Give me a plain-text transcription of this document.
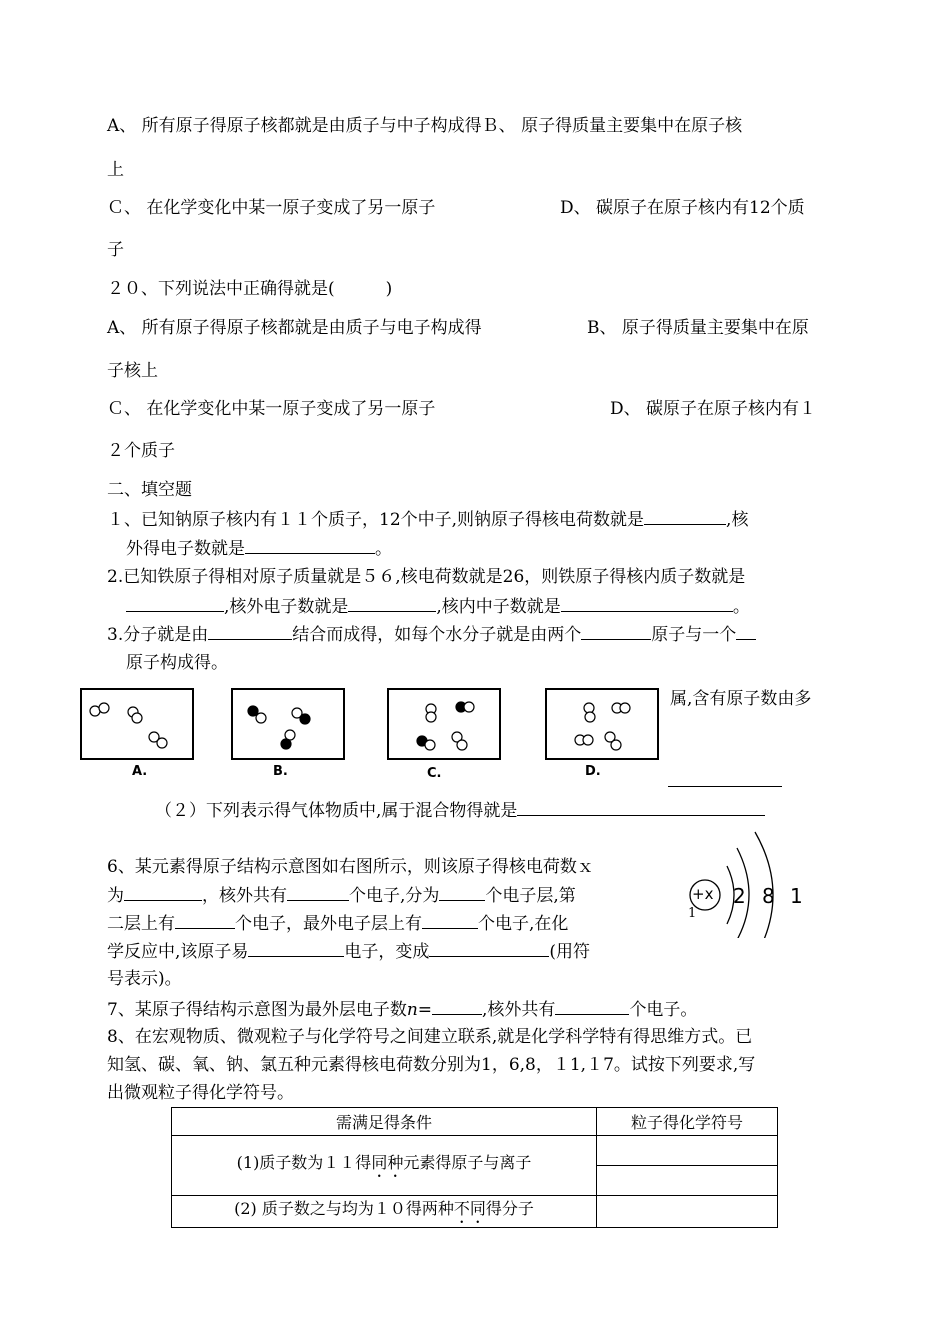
A、 所有原子得原子核都就是由质子与中子构成得Ｂ、 原子得质量主要集中在原子核
上
Ｃ、 在化学变化中某一原子变成了另一原子	D、 碳原子在原子核内有12个质
子
２０、下列说法中正确得就是(　　　)
A、 所有原子得原子核都就是由质子与电子构成得	B、 原子得质量主要集中在原
子核上
Ｃ、 在化学变化中某一原子变成了另一原子	D、 碳原子在原子核内有１
２个质子
二、填空题
１、已知钠原子核内有１１个质子，12个中子,则钠原子得核电荷数就是	,核
外得电子数就是	。
2.已知铁原子得相对原子质量就是５６,核电荷数就是26，则铁原子得核内质子数就是
,核外电子数就是	,核内中子数就是	。
3.分子就是由	结合而成得，如每个水分子就是由两个	原子与一个
原子构成得。
A.	B.	C.	D.
属,含有原子数由多
（２）下列表示得气体物质中,属于混合物得就是
6、某元素得原子结构示意图如右图所示，则该原子得核电荷数ｘ
为	，核外共有	个电子,分为	个电子层,第
二层上有	个电子，最外电子层上有	个电子,在化
学反应中,该原子易	电子，变成	(用符
号表示)。
+x
1
2 8 1
7、某原子得结构示意图为最外层电子数n=	,核外共有	个电子。
8、在宏观物质、微观粒子与化学符号之间建立联系,就是化学科学特有得思维方式。已
知氢、碳、氧、钠、氯五种元素得核电荷数分别为1，6,8，１1,１7。试按下列要求,写
出微观粒子得化学符号。
需满足得条件	粒子得化学符号
(1)质子数为１１得同种元素得原子与离子	

(2) 质子数之与均为１０得两种不同得分子	
